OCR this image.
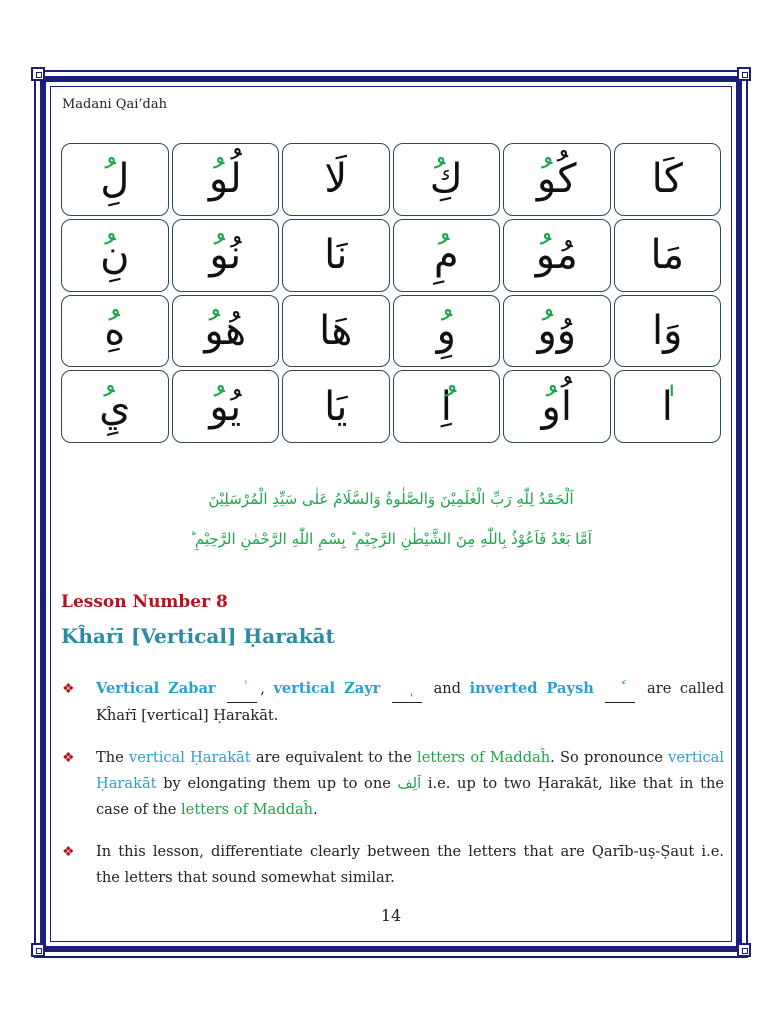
Madani Qai’dah
لِ لُو لَا كِ كُو كَا
نِ نُو نَا مِ مُو مَا
هِ هُو هَا وِ وُو وَا
يِ يُو يَا اِ اُو ا
اَلْحَمْدُ لِلّٰهِ رَبِّ الْعٰلَمِيْنَ وَالصَّلٰوةُ وَالسَّلَامُ عَلٰى سَيِّدِ الْمُرْسَلِيْنَ
اَمَّا بَعْدُ فَاَعُوْذُ بِاللّٰهِ مِنَ الشَّيْطٰنِ الرَّجِيْمِ ؕ بِسْمِ اللّٰهِ الرَّحْمٰنِ الرَّحِيْمِ ؕ
Lesson Number 8
Kĥaṙī [Vertical] Ḥarakāt
❖ Vertical Zabar	, vertical Zayr	and inverted Paysh	are called Kĥaṙī [vertical] Ḥarakāt.
❖ The vertical Ḥarakāt are equivalent to the letters of Maddaĥ. So pronounce vertical Ḥarakāt by elongating them up to one اَلِف i.e. up to two Ḥarakāt, like that in the case of the letters of Maddaĥ.
❖ In this lesson, differentiate clearly between the letters that are Qarīb-uṣ-Ṣaut i.e. the letters that sound somewhat similar.
14
